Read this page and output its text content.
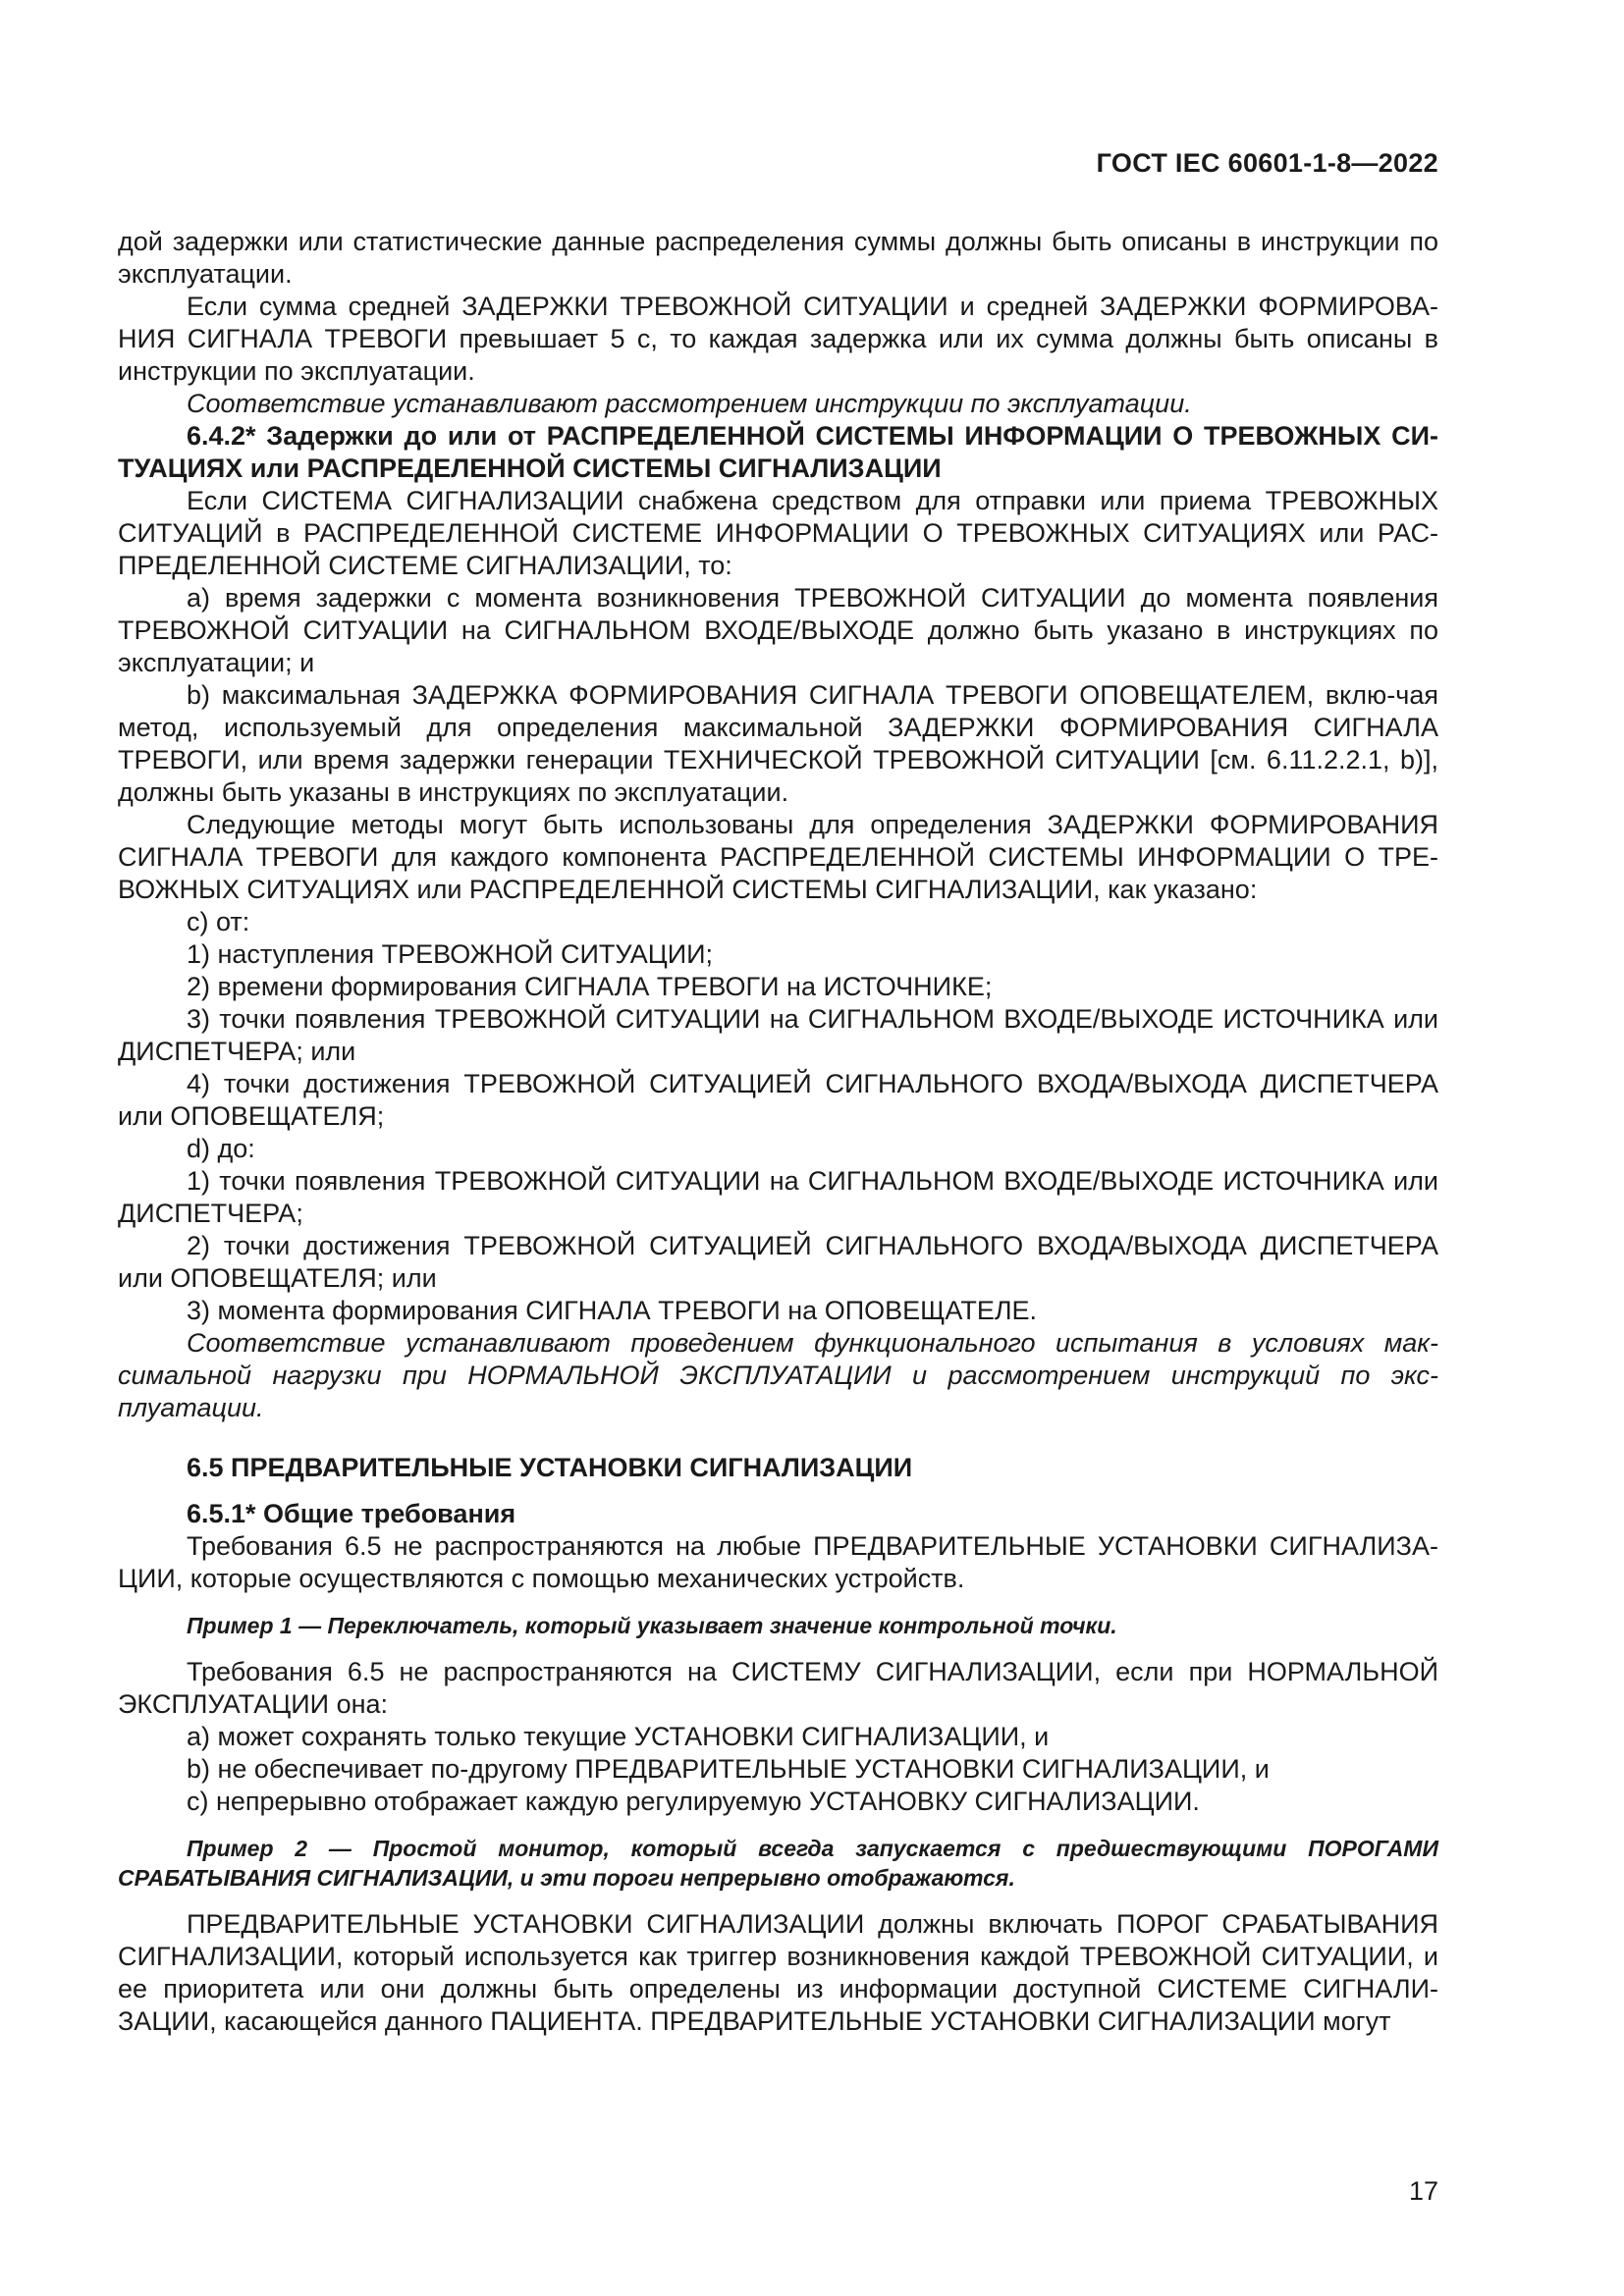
ГОСТ IEC 60601-1-8—2022

дой задержки или статистические данные распределения суммы должны быть описаны в инструкции по эксплуатации.

Если сумма средней ЗАДЕРЖКИ ТРЕВОЖНОЙ СИТУАЦИИ и средней ЗАДЕРЖКИ ФОРМИРОВА-НИЯ СИГНАЛА ТРЕВОГИ превышает 5 с, то каждая задержка или их сумма должны быть описаны в инструкции по эксплуатации.

Соответствие устанавливают рассмотрением инструкции по эксплуатации.

6.4.2* Задержки до или от РАСПРЕДЕЛЕННОЙ СИСТЕМЫ ИНФОРМАЦИИ О ТРЕВОЖНЫХ СИ-ТУАЦИЯХ или РАСПРЕДЕЛЕННОЙ СИСТЕМЫ СИГНАЛИЗАЦИИ

Если СИСТЕМА СИГНАЛИЗАЦИИ снабжена средством для отправки или приема ТРЕВОЖНЫХ СИТУАЦИЙ в РАСПРЕДЕЛЕННОЙ СИСТЕМЕ ИНФОРМАЦИИ О ТРЕВОЖНЫХ СИТУАЦИЯХ или РАС-ПРЕДЕЛЕННОЙ СИСТЕМЕ СИГНАЛИЗАЦИИ, то:

a) время задержки с момента возникновения ТРЕВОЖНОЙ СИТУАЦИИ до момента появления ТРЕВОЖНОЙ СИТУАЦИИ на СИГНАЛЬНОМ ВХОДЕ/ВЫХОДЕ должно быть указано в инструкциях по эксплуатации; и

b) максимальная ЗАДЕРЖКА ФОРМИРОВАНИЯ СИГНАЛА ТРЕВОГИ ОПОВЕЩАТЕЛЕМ, вклю-чая метод, используемый для определения максимальной ЗАДЕРЖКИ ФОРМИРОВАНИЯ СИГНАЛА ТРЕВОГИ, или время задержки генерации ТЕХНИЧЕСКОЙ ТРЕВОЖНОЙ СИТУАЦИИ [см. 6.11.2.2.1, b)], должны быть указаны в инструкциях по эксплуатации.

Следующие методы могут быть использованы для определения ЗАДЕРЖКИ ФОРМИРОВАНИЯ СИГНАЛА ТРЕВОГИ для каждого компонента РАСПРЕДЕЛЕННОЙ СИСТЕМЫ ИНФОРМАЦИИ О ТРЕ-ВОЖНЫХ СИТУАЦИЯХ или РАСПРЕДЕЛЕННОЙ СИСТЕМЫ СИГНАЛИЗАЦИИ, как указано:

c) от:

1) наступления ТРЕВОЖНОЙ СИТУАЦИИ;

2) времени формирования СИГНАЛА ТРЕВОГИ на ИСТОЧНИКЕ;

3) точки появления ТРЕВОЖНОЙ СИТУАЦИИ на СИГНАЛЬНОМ ВХОДЕ/ВЫХОДЕ ИСТОЧНИКА или ДИСПЕТЧЕРА; или

4) точки достижения ТРЕВОЖНОЙ СИТУАЦИЕЙ СИГНАЛЬНОГО ВХОДА/ВЫХОДА ДИСПЕТЧЕРА или ОПОВЕЩАТЕЛЯ;

d) до:

1) точки появления ТРЕВОЖНОЙ СИТУАЦИИ на СИГНАЛЬНОМ ВХОДЕ/ВЫХОДЕ ИСТОЧНИКА или ДИСПЕТЧЕРА;

2) точки достижения ТРЕВОЖНОЙ СИТУАЦИЕЙ СИГНАЛЬНОГО ВХОДА/ВЫХОДА ДИСПЕТЧЕРА или ОПОВЕЩАТЕЛЯ; или

3) момента формирования СИГНАЛА ТРЕВОГИ на ОПОВЕЩАТЕЛЕ.

Соответствие устанавливают проведением функционального испытания в условиях мак-симальной нагрузки при НОРМАЛЬНОЙ ЭКСПЛУАТАЦИИ и рассмотрением инструкций по экс-плуатации.

6.5 ПРЕДВАРИТЕЛЬНЫЕ УСТАНОВКИ СИГНАЛИЗАЦИИ

6.5.1* Общие требования

Требования 6.5 не распространяются на любые ПРЕДВАРИТЕЛЬНЫЕ УСТАНОВКИ СИГНАЛИЗА-ЦИИ, которые осуществляются с помощью механических устройств.

Пример 1 — Переключатель, который указывает значение контрольной точки.

Требования 6.5 не распространяются на СИСТЕМУ СИГНАЛИЗАЦИИ, если при НОРМАЛЬНОЙ ЭКСПЛУАТАЦИИ она:

a) может сохранять только текущие УСТАНОВКИ СИГНАЛИЗАЦИИ, и

b) не обеспечивает по-другому ПРЕДВАРИТЕЛЬНЫЕ УСТАНОВКИ СИГНАЛИЗАЦИИ, и

c) непрерывно отображает каждую регулируемую УСТАНОВКУ СИГНАЛИЗАЦИИ.

Пример 2 — Простой монитор, который всегда запускается с предшествующими ПОРОГАМИ СРАБАТЫВАНИЯ СИГНАЛИЗАЦИИ, и эти пороги непрерывно отображаются.

ПРЕДВАРИТЕЛЬНЫЕ УСТАНОВКИ СИГНАЛИЗАЦИИ должны включать ПОРОГ СРАБАТЫВАНИЯ СИГНАЛИЗАЦИИ, который используется как триггер возникновения каждой ТРЕВОЖНОЙ СИТУАЦИИ, и ее приоритета или они должны быть определены из информации доступной СИСТЕМЕ СИГНАЛИ-ЗАЦИИ, касающейся данного ПАЦИЕНТА. ПРЕДВАРИТЕЛЬНЫЕ УСТАНОВКИ СИГНАЛИЗАЦИИ могут

17
